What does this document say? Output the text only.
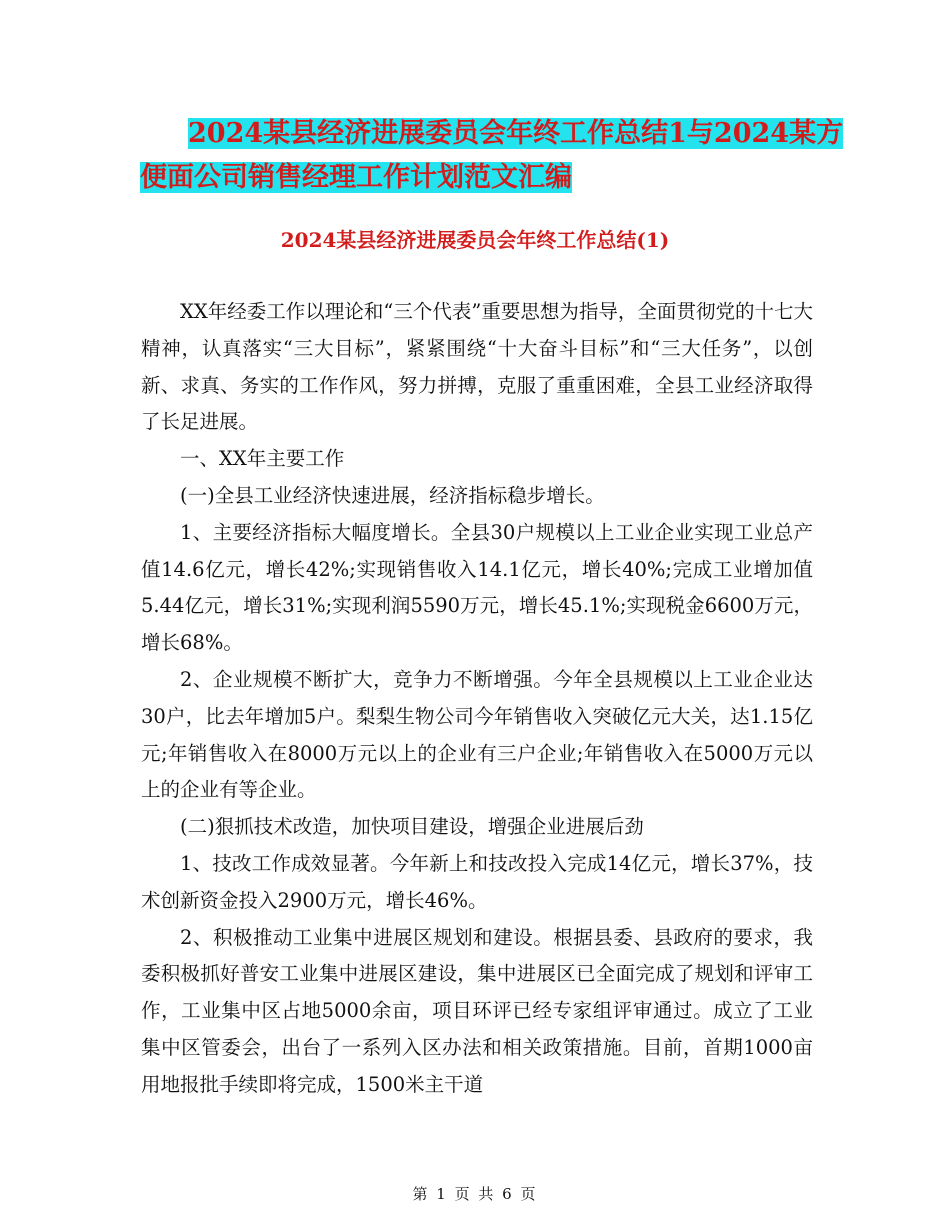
2024某县经济进展委员会年终工作总结1与2024某方
便面公司销售经理工作计划范文汇编
2024某县经济进展委员会年终工作总结(1)

XX年经委工作以理论和“三个代表”重要思想为指导，全面贯彻党的十七大精神，认真落实“三大目标”，紧紧围绕“十大奋斗目标”和“三大任务”，以创新、求真、务实的工作作风，努力拼搏，克服了重重困难，全县工业经济取得了长足进展。

一、XX年主要工作

(一)全县工业经济快速进展，经济指标稳步增长。

1、主要经济指标大幅度增长。全县30户规模以上工业企业实现工业总产值14.6亿元，增长42%;实现销售收入14.1亿元，增长40%;完成工业增加值5.44亿元，增长31%;实现利润5590万元，增长45.1%;实现税金6600万元，增长68%。

2、企业规模不断扩大，竞争力不断增强。今年全县规模以上工业企业达30户，比去年增加5户。梨梨生物公司今年销售收入突破亿元大关，达1.15亿元;年销售收入在8000万元以上的企业有三户企业;年销售收入在5000万元以上的企业有等企业。

(二)狠抓技术改造，加快项目建设，增强企业进展后劲

1、技改工作成效显著。今年新上和技改投入完成14亿元，增长37%，技术创新资金投入2900万元，增长46%。

2、积极推动工业集中进展区规划和建设。根据县委、县政府的要求，我委积极抓好普安工业集中进展区建设，集中进展区已全面完成了规划和评审工作，工业集中区占地5000余亩，项目环评已经专家组评审通过。成立了工业集中区管委会，出台了一系列入区办法和相关政策措施。目前，首期1000亩用地报批手续即将完成，1500米主干道

第 1 页 共 6 页
